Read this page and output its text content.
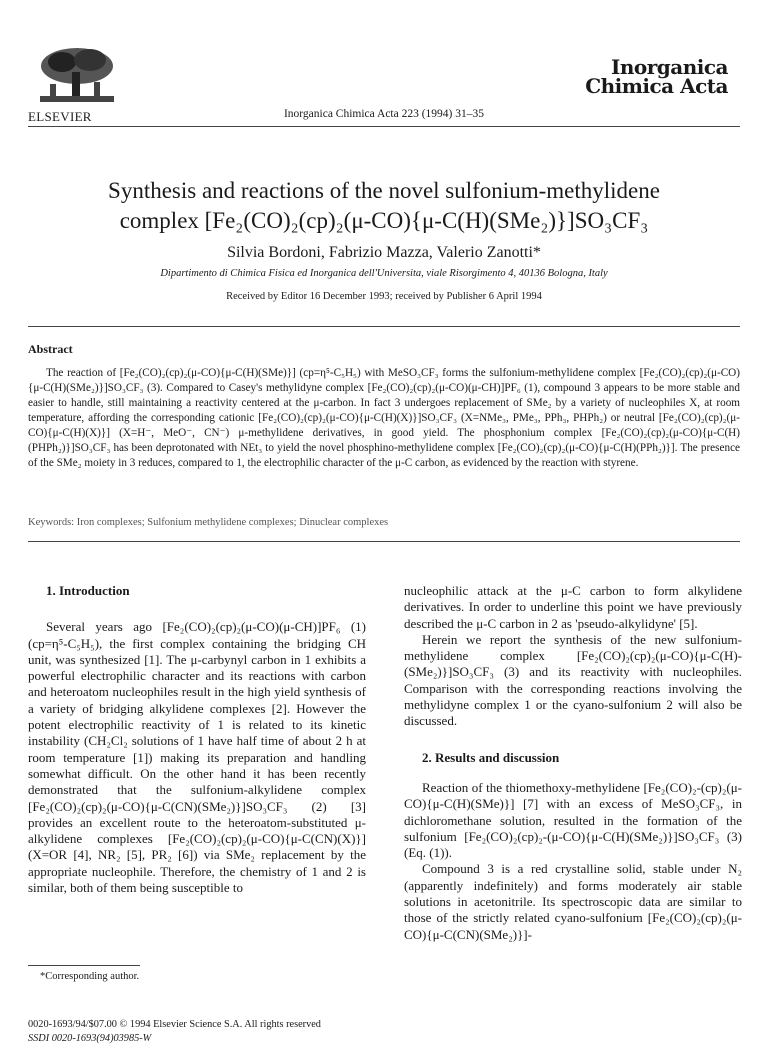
ELSEVIER	Inorganica Chimica Acta 223 (1994) 31–35
Inorganica
Chimica Acta
Synthesis and reactions of the novel sulfonium-methylidene
complex [Fe₂(CO)₂(cp)₂(μ-CO){μ-C(H)(SMe₂)}]SO₃CF₃
Silvia Bordoni, Fabrizio Mazza, Valerio Zanotti*
Dipartimento di Chimica Fisica ed Inorganica dell'Universita, viale Risorgimento 4, 40136 Bologna, Italy
Received by Editor 16 December 1993; received by Publisher 6 April 1994
Abstract
The reaction of [Fe₂(CO)₂(cp)₂(μ-CO){μ-C(H)(SMe)}] (cp=η⁵-C₅H₅) with MeSO₃CF₃ forms the sulfonium-methylidene complex [Fe₂(CO)₂(cp)₂(μ-CO){μ-C(H)(SMe₂)}]SO₃CF₃ (3). Compared to Casey's methylidyne complex [Fe₂(CO)₂(cp)₂(μ-CO)(μ-CH)]PF₆ (1), compound 3 appears to be more stable and easier to handle, still maintaining a reactivity centered at the μ-carbon. In fact 3 undergoes replacement of SMe₂ by a variety of nucleophiles X, at room temperature, affording the corresponding cationic [Fe₂(CO)₂(cp)₂(μ-CO){μ-C(H)(X)}]SO₃CF₃ (X=NMe₃, PMe₃, PPh₃, PHPh₂) or neutral [Fe₂(CO)₂(cp)₂(μ-CO){μ-C(H)(X)}] (X=H⁻, MeO⁻, CN⁻) μ-methylidene derivatives, in good yield. The phosphonium complex [Fe₂(CO)₂(cp)₂(μ-CO){μ-C(H)(PHPh₂)}]SO₃CF₃ has been deprotonated with NEt₃ to yield the novel phosphino-methylidene complex [Fe₂(CO)₂(cp)₂(μ-CO){μ-C(H)(PPh₂)}]. The presence of the SMe₂ moiety in 3 reduces, compared to 1, the electrophilic character of the μ-C carbon, as evidenced by the reaction with styrene.
Keywords: Iron complexes; Sulfonium methylidene complexes; Dinuclear complexes

1. Introduction

Several years ago [Fe₂(CO)₂(cp)₂(μ-CO)(μ-CH)]PF₆ (1) (cp=η⁵-C₅H₅), the first complex containing the bridging CH unit, was synthesized [1]. The μ-carbynyl carbon in 1 exhibits a powerful electrophilic character and its reactions with carbon and heteroatom nucleophiles result in the high yield synthesis of a variety of bridging alkylidene complexes [2]. However the potent electrophilic reactivity of 1 is related to its kinetic instability (CH₂Cl₂ solutions of 1 have half time of about 2 h at room temperature [1]) making its preparation and handling somewhat difficult. On the other hand it has been recently demonstrated that the sulfonium-alkylidene complex [Fe₂(CO)₂(cp)₂(μ-CO){μ-C(CN)(SMe₂)}]SO₃CF₃ (2) [3] provides an excellent route to the heteroatom-substituted μ-alkylidene complexes [Fe₂(CO)₂(cp)₂(μ-CO){μ-C(CN)(X)}] (X=OR [4], NR₂ [5], PR₂ [6]) via SMe₂ replacement by the appropriate nucleophile. Therefore, the chemistry of 1 and 2 is similar, both of them being susceptible to

nucleophilic attack at the μ-C carbon to form alkylidene derivatives. In order to underline this point we have previously described the μ-C carbon in 2 as 'pseudo-alkylidyne' [5].

Herein we report the synthesis of the new sulfonium-methylidene complex [Fe₂(CO)₂(cp)₂(μ-CO){μ-C(H)-(SMe₂)}]SO₃CF₃ (3) and its reactivity with nucleophiles. Comparison with the corresponding reactions involving the methylidyne complex 1 or the cyano-sulfonium 2 will also be discussed.

2. Results and discussion

Reaction of the thiomethoxy-methylidene [Fe₂(CO)₂-(cp)₂(μ-CO){μ-C(H)(SMe)}] [7] with an excess of MeSO₃CF₃, in dichloromethane solution, resulted in the formation of the sulfonium [Fe₂(CO)₂(cp)₂-(μ-CO){μ-C(H)(SMe₂)}]SO₃CF₃ (3) (Eq. (1)).

Compound 3 is a red crystalline solid, stable under N₂ (apparently indefinitely) and forms moderately air stable solutions in acetonitrile. Its spectroscopic data are similar to those of the strictly related cyano-sulfonium [Fe₂(CO)₂(cp)₂(μ-CO){μ-C(CN)(SMe₂)}]-

*Corresponding author.
0020-1693/94/$07.00 © 1994 Elsevier Science S.A. All rights reserved
SSDI 0020-1693(94)03985-W
